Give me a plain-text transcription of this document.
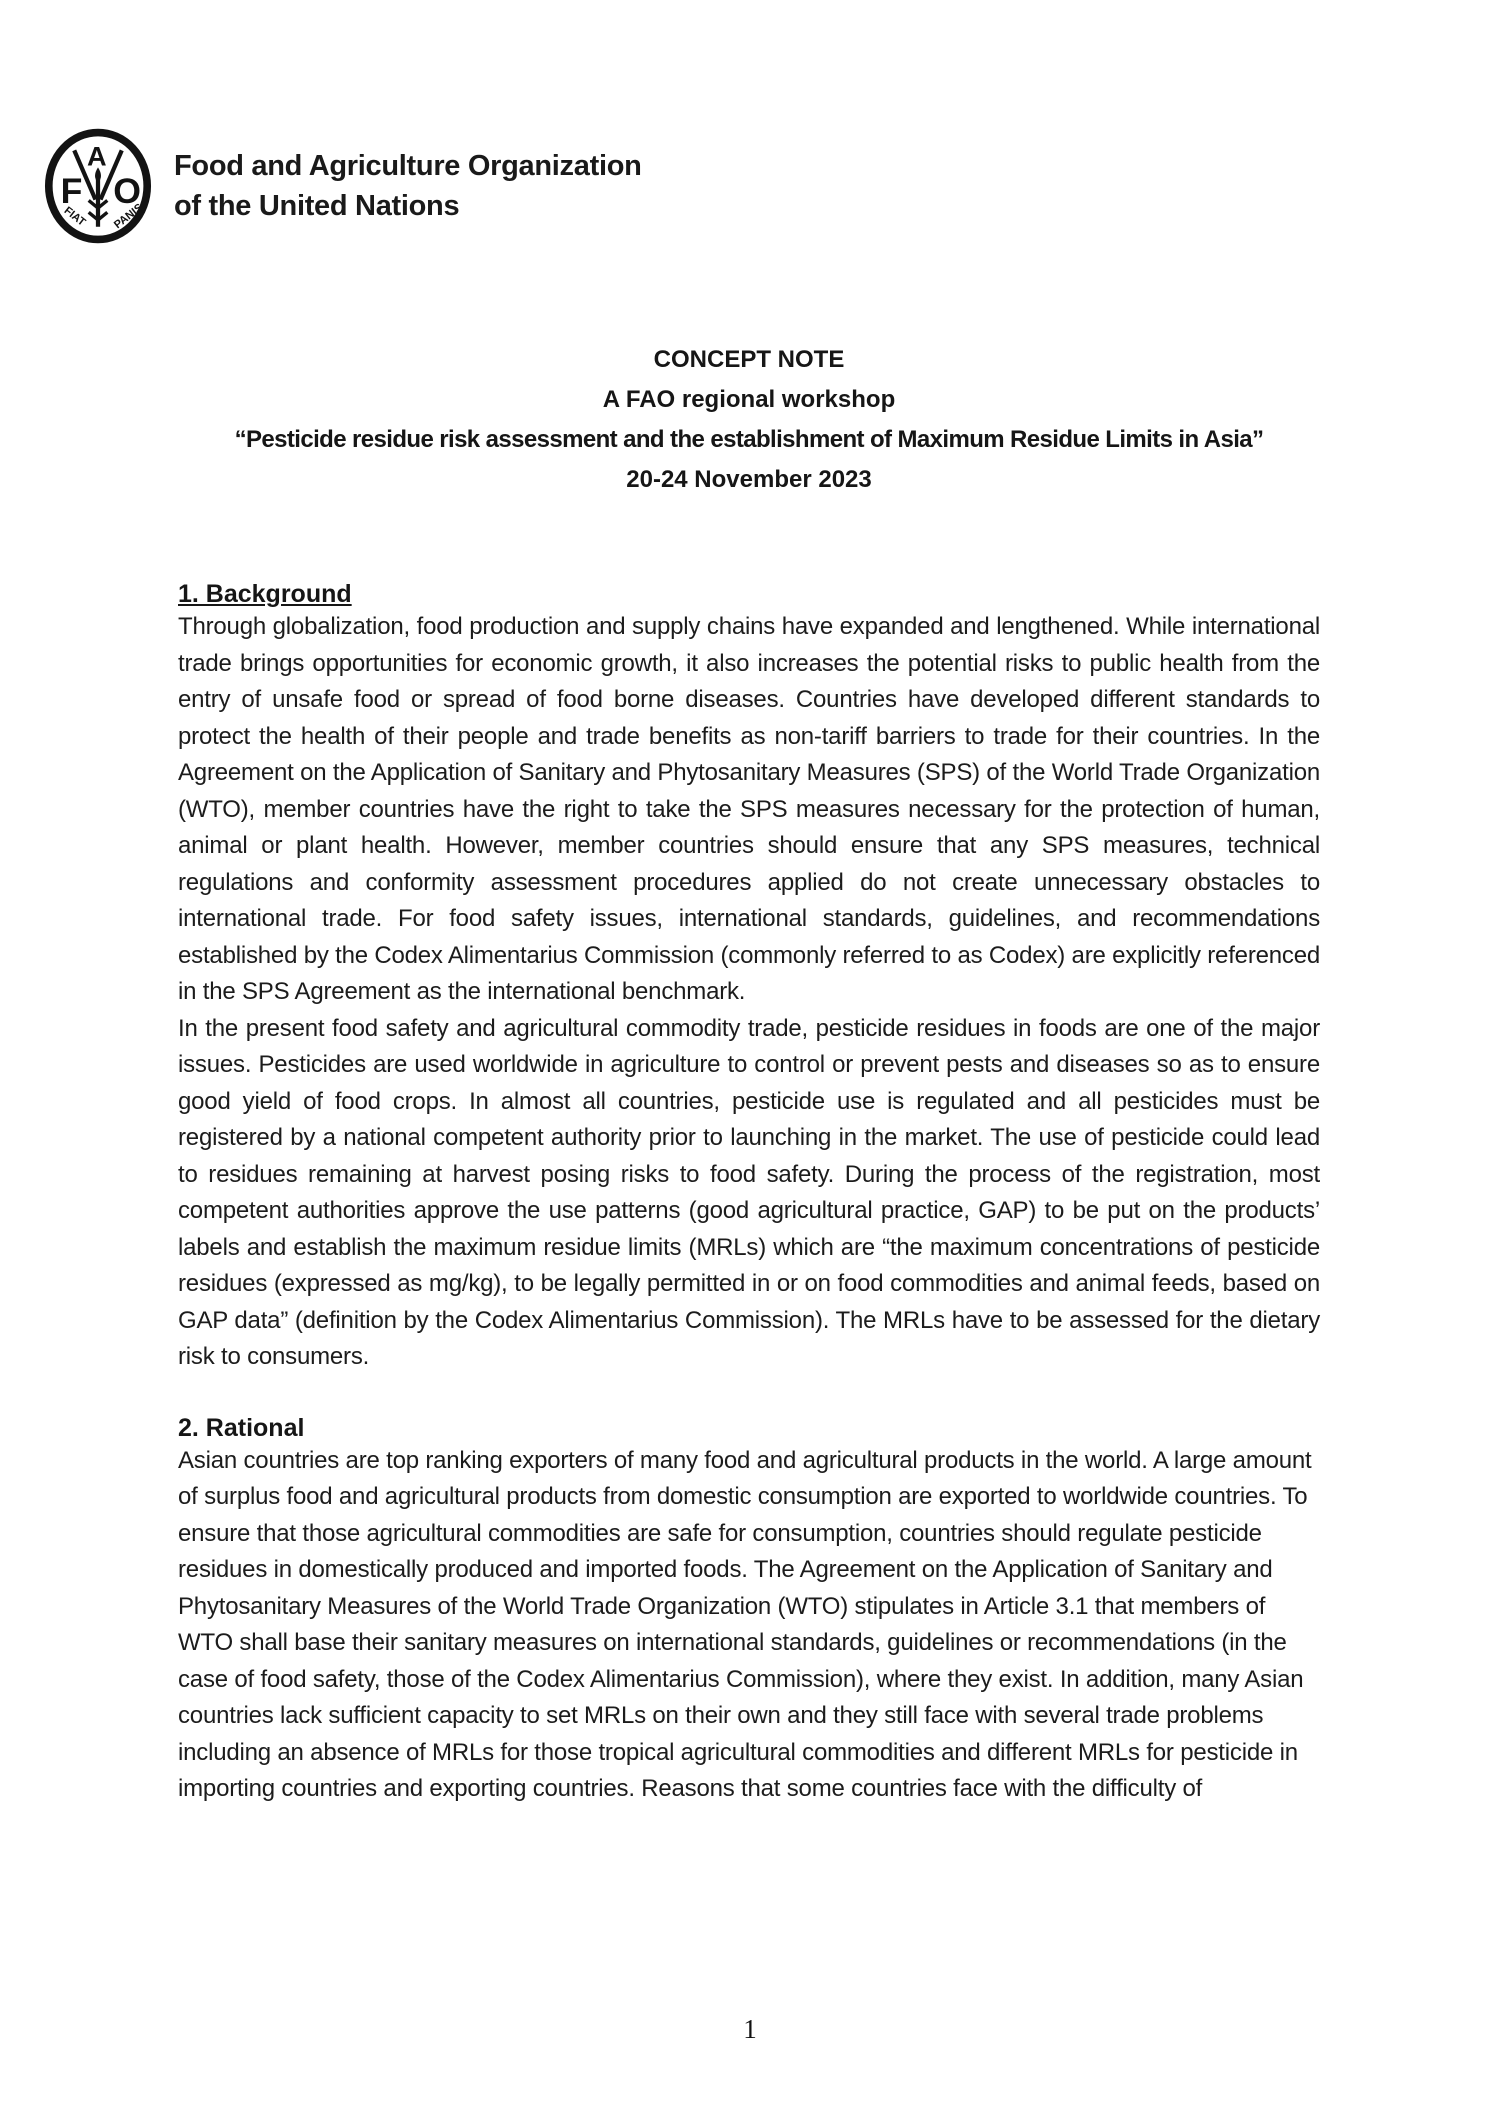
F O
A
FIAT PANIS
Food and Agriculture Organization
of the United Nations
CONCEPT NOTE
A FAO regional workshop
“Pesticide residue risk assessment and the establishment of Maximum Residue Limits in Asia”
20-24 November 2023
1. Background

Through globalization, food production and supply chains have expanded and lengthened. While international trade brings opportunities for economic growth, it also increases the potential risks to public health from the entry of unsafe food or spread of food borne diseases. Countries have developed different standards to protect the health of their people and trade benefits as non-tariff barriers to trade for their countries. In the Agreement on the Application of Sanitary and Phytosanitary Measures (SPS) of the World Trade Organization (WTO), member countries have the right to take the SPS measures necessary for the protection of human, animal or plant health. However, member countries should ensure that any SPS measures, technical regulations and conformity assessment procedures applied do not create unnecessary obstacles to international trade. For food safety issues, international standards, guidelines, and recommendations established by the Codex Alimentarius Commission (commonly referred to as Codex) are explicitly referenced in the SPS Agreement as the international benchmark.

In the present food safety and agricultural commodity trade, pesticide residues in foods are one of the major issues. Pesticides are used worldwide in agriculture to control or prevent pests and diseases so as to ensure good yield of food crops. In almost all countries, pesticide use is regulated and all pesticides must be registered by a national competent authority prior to launching in the market. The use of pesticide could lead to residues remaining at harvest posing risks to food safety. During the process of the registration, most competent authorities approve the use patterns (good agricultural practice, GAP) to be put on the products’ labels and establish the maximum residue limits (MRLs) which are “the maximum concentrations of pesticide residues (expressed as mg/kg), to be legally permitted in or on food commodities and animal feeds, based on GAP data” (definition by the Codex Alimentarius Commission). The MRLs have to be assessed for the dietary risk to consumers.

2. Rational

Asian countries are top ranking exporters of many food and agricultural products in the world. A large amount of surplus food and agricultural products from domestic consumption are exported to worldwide countries. To ensure that those agricultural commodities are safe for consumption, countries should regulate pesticide residues in domestically produced and imported foods. The Agreement on the Application of Sanitary and Phytosanitary Measures of the World Trade Organization (WTO) stipulates in Article 3.1 that members of WTO shall base their sanitary measures on international standards, guidelines or recommendations (in the case of food safety, those of the Codex Alimentarius Commission), where they exist. In addition, many Asian countries lack sufficient capacity to set MRLs on their own and they still face with several trade problems including an absence of MRLs for those tropical agricultural commodities and different MRLs for pesticide in importing countries and exporting countries. Reasons that some countries face with the difficulty of

1
